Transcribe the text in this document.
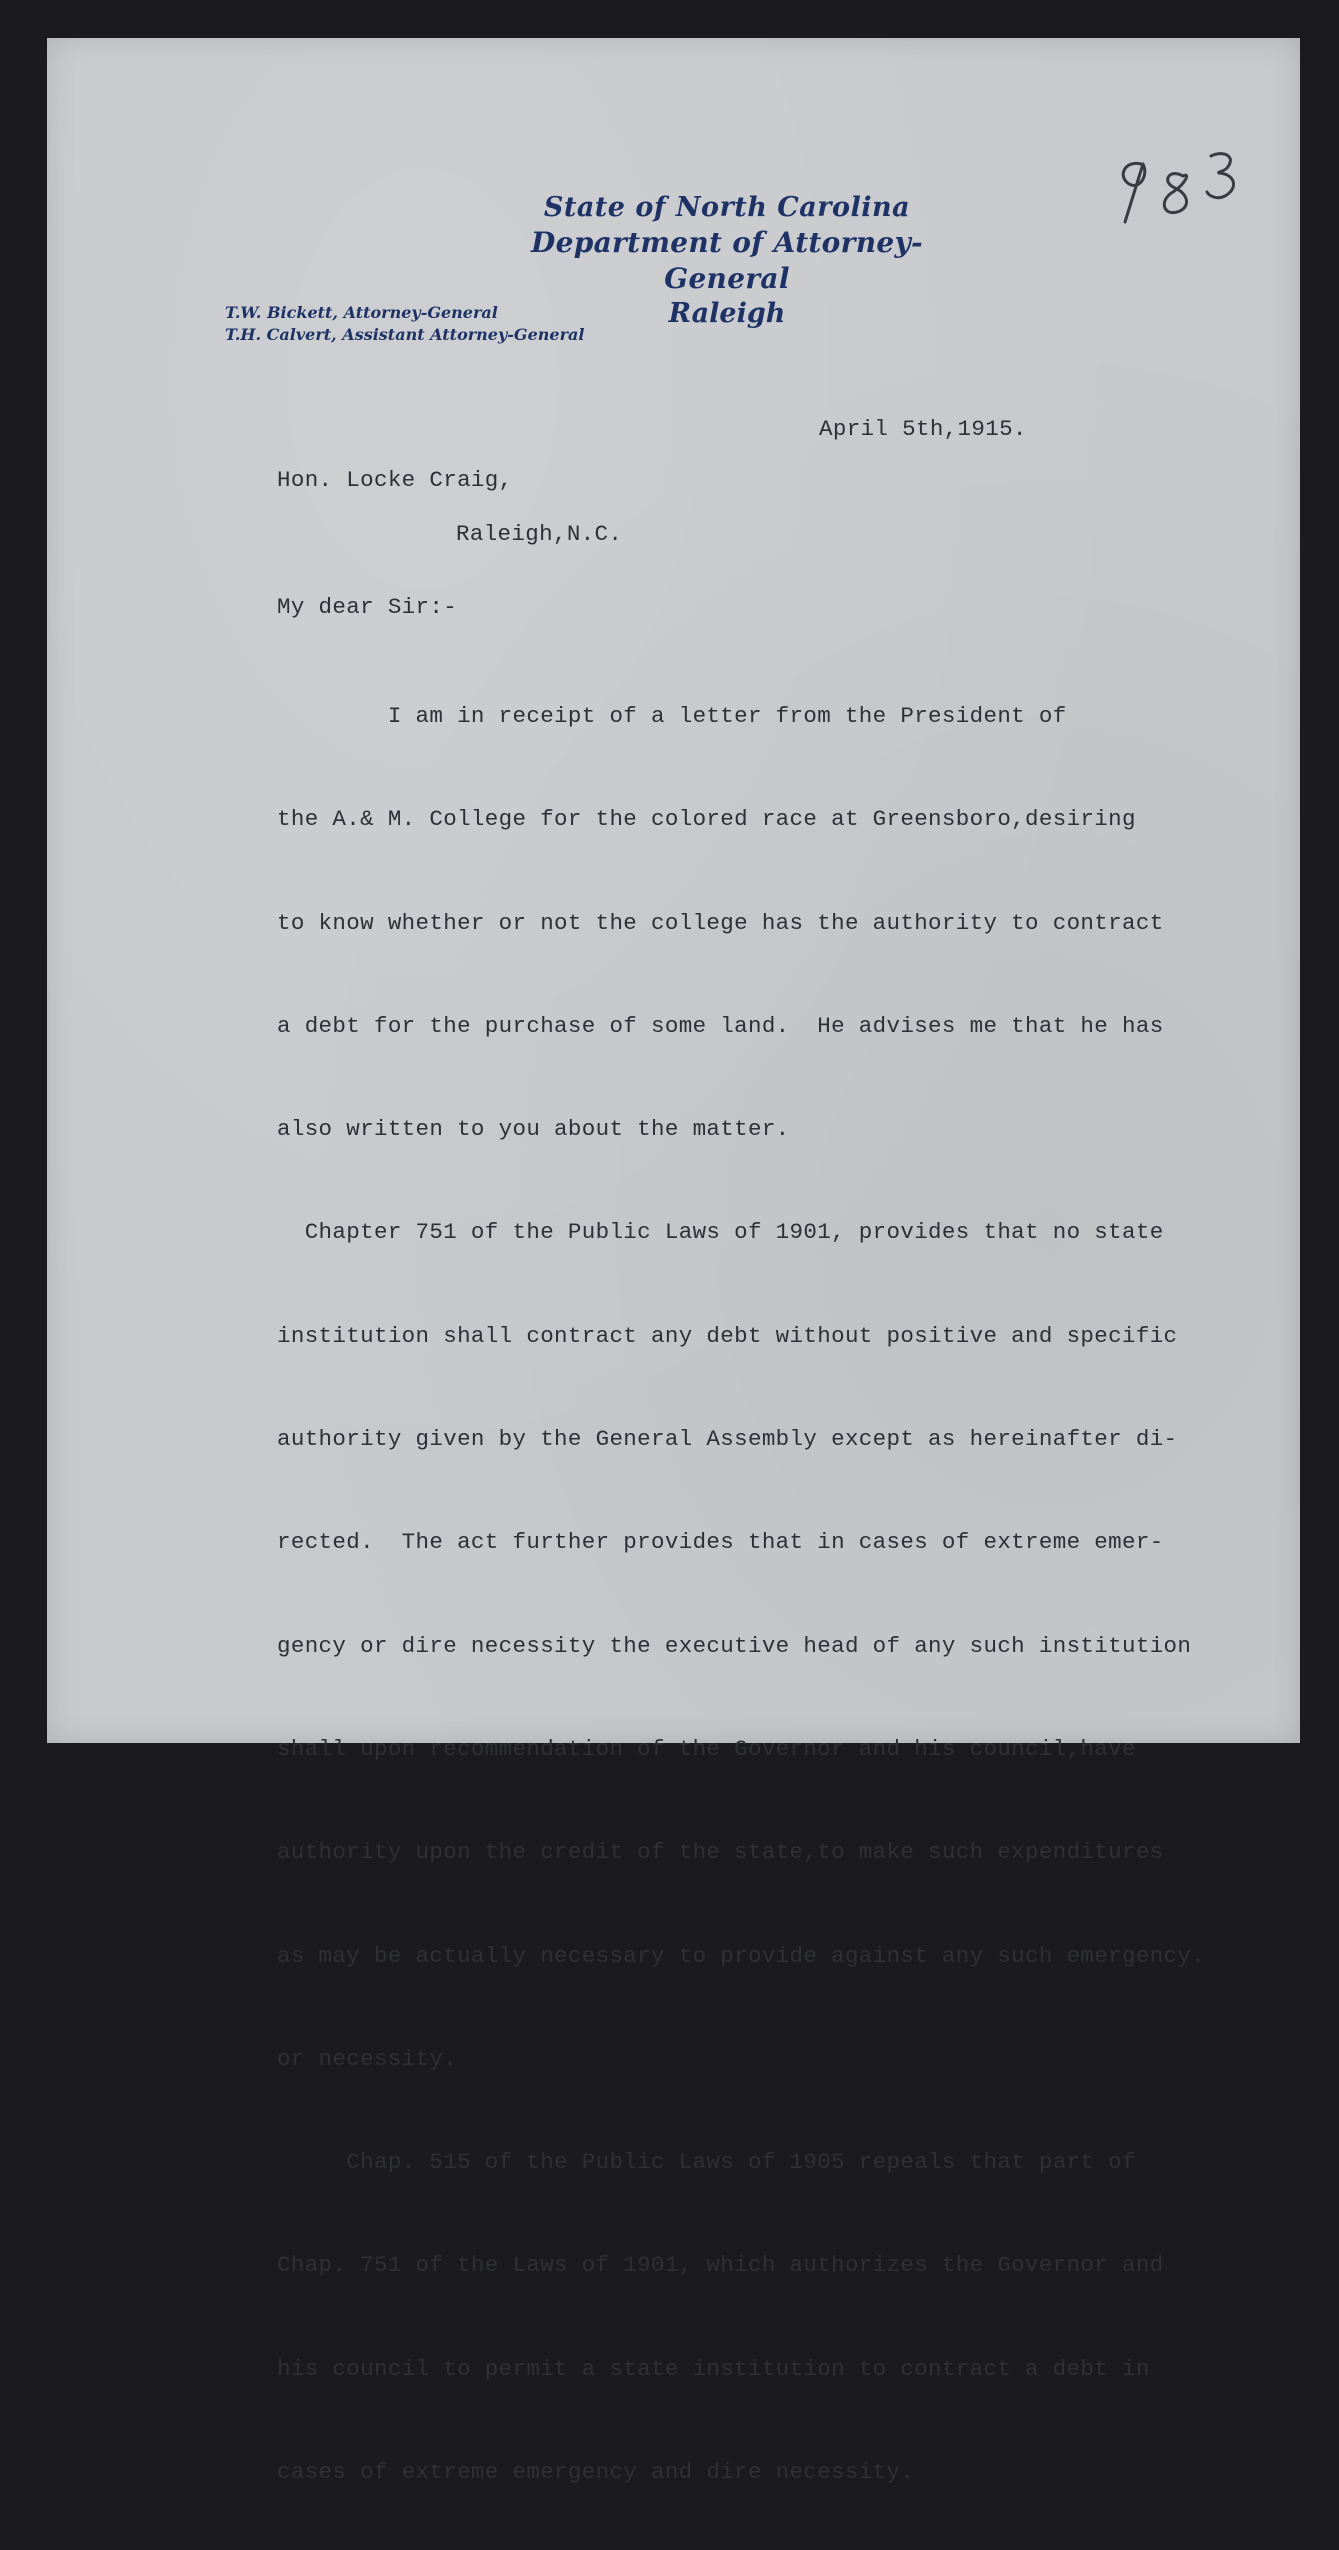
State of North Carolina
Department of Attorney-General
Raleigh
T.W. Bickett, Attorney-General
T.H. Calvert, Assistant Attorney-General
April 5th,1915.
Hon. Locke Craig,
Raleigh,N.C.
My dear Sir:-

I am in receipt of a letter from the President of

the A.& M. College for the colored race at Greensboro,desiring

to know whether or not the college has the authority to contract

a debt for the purchase of some land.  He advises me that he has

also written to you about the matter.

Chapter 751 of the Public Laws of 1901, provides that no state

institution shall contract any debt without positive and specific

authority given by the General Assembly except as hereinafter di-

rected.  The act further provides that in cases of extreme emer-

gency or dire necessity the executive head of any such institution

shall upon recommendation of the Governor and his council,have

authority upon the credit of the state,to make such expenditures

as may be actually necessary to provide against any such emergency.

or necessity.

Chap. 515 of the Public Laws of 1905 repeals that part of

Chap. 751 of the Laws of 1901, which authorizes the Governor and

his council to permit a state institution to contract a debt in

cases of extreme emergency and dire necessity.
